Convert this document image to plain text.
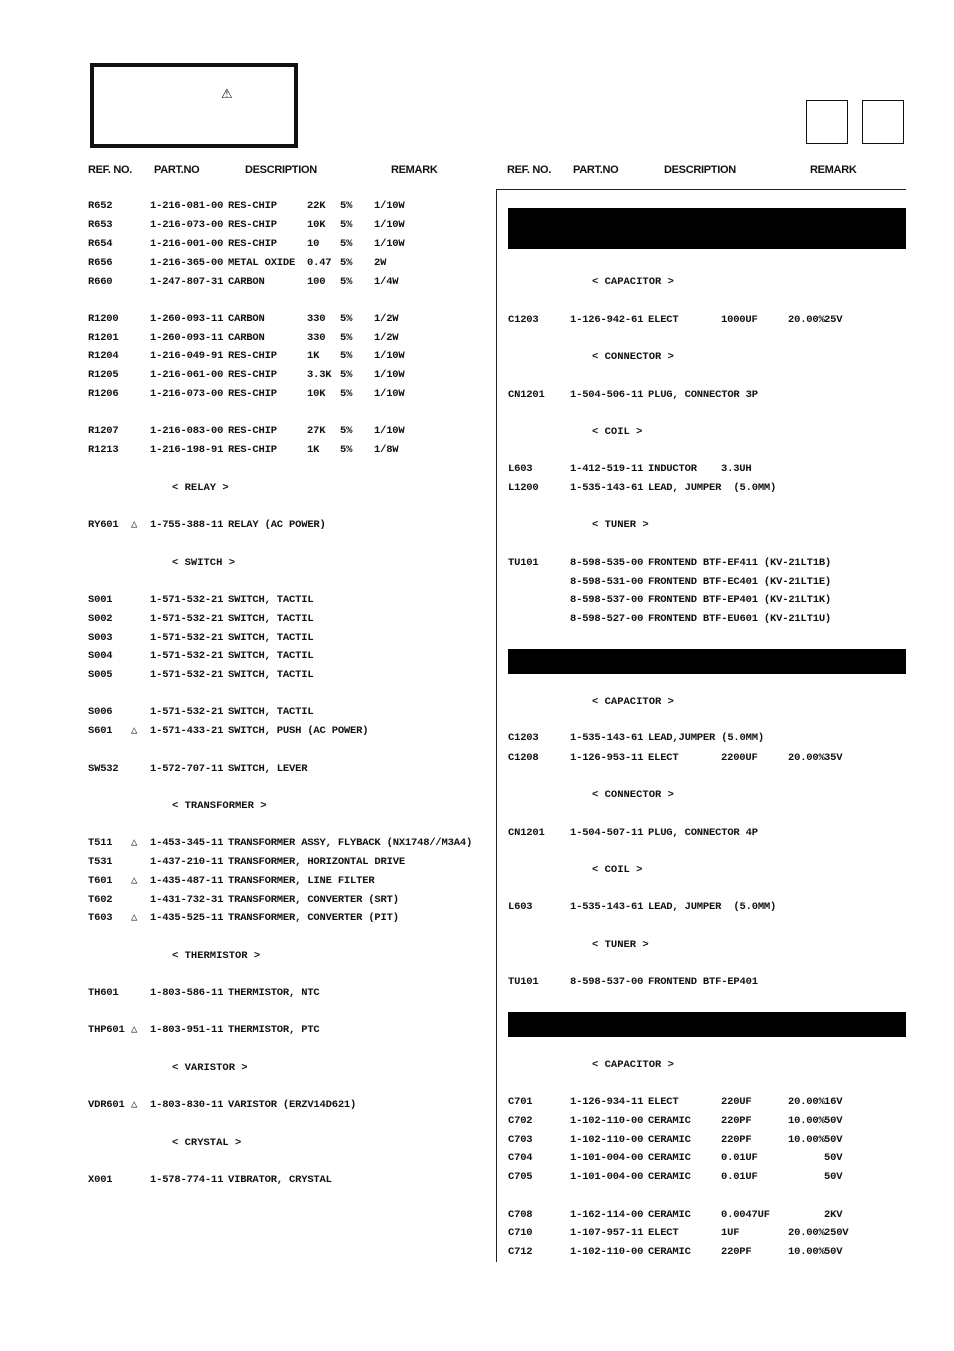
⚠
REF. NO. PART.NO	DESCRIPTION	REMARK	REF. NO. PART.NO	DESCRIPTION	REMARK
R652	1-216-081-00 RES-CHIP	22K 5% 1/10W
R653	1-216-073-00 RES-CHIP	10K 5% 1/10W
R654	1-216-001-00 RES-CHIP	10 5% 1/10W
R656	1-216-365-00 METAL OXIDE 0.47 5% 2W
R660	1-247-807-31 CARBON	100 5% 1/4W
R1200	1-260-093-11 CARBON	330 5% 1/2W
R1201	1-260-093-11 CARBON	330 5% 1/2W
R1204	1-216-049-91 RES-CHIP	1K 5% 1/10W
R1205	1-216-061-00 RES-CHIP	3.3K 5% 1/10W
R1206	1-216-073-00 RES-CHIP	10K 5% 1/10W
R1207	1-216-083-00 RES-CHIP	27K 5% 1/10W
R1213	1-216-198-91 RES-CHIP	1K 5% 1/8W
RY601 △ 1-755-388-11 RELAY (AC POWER)
S001	1-571-532-21 SWITCH, TACTIL
S002	1-571-532-21 SWITCH, TACTIL
S003	1-571-532-21 SWITCH, TACTIL
S004	1-571-532-21 SWITCH, TACTIL
S005	1-571-532-21 SWITCH, TACTIL
S006	1-571-532-21 SWITCH, TACTIL
S601 △ 1-571-433-21 SWITCH, PUSH (AC POWER)
SW532	1-572-707-11 SWITCH, LEVER
T511 △ 1-453-345-11 TRANSFORMER ASSY, FLYBACK (NX1748//M3A4)
T531	1-437-210-11 TRANSFORMER, HORIZONTAL DRIVE
T601 △ 1-435-487-11 TRANSFORMER, LINE FILTER
T602	1-431-732-31 TRANSFORMER, CONVERTER (SRT)
T603 △ 1-435-525-11 TRANSFORMER, CONVERTER (PIT)
TH601	1-803-586-11 THERMISTOR, NTC
THP601 △ 1-803-951-11 THERMISTOR, PTC
VDR601 △ 1-803-830-11 VARISTOR (ERZV14D621)
X001	1-578-774-11 VIBRATOR, CRYSTAL
< RELAY >
< SWITCH >
< TRANSFORMER >
< THERMISTOR >
< VARISTOR >
< CRYSTAL >
C1203	1-126-942-61 ELECT	1000UF	20.00% 25V
CN1201 1-504-506-11 PLUG, CONNECTOR 3P
L603	1-412-519-11 INDUCTOR 3.3UH
L1200	1-535-143-61 LEAD, JUMPER  (5.0MM)
TU101	8-598-535-00 FRONTEND BTF-EF411 (KV-21LT1B)
8-598-531-00 FRONTEND BTF-EC401 (KV-21LT1E)
8-598-537-00 FRONTEND BTF-EP401 (KV-21LT1K)
8-598-527-00 FRONTEND BTF-EU601 (KV-21LT1U)
C1203	1-535-143-61 LEAD,JUMPER (5.0MM)
C1208	1-126-953-11 ELECT	2200UF	20.00% 35V
CN1201 1-504-507-11 PLUG, CONNECTOR 4P
L603	1-535-143-61 LEAD, JUMPER  (5.0MM)
TU101	8-598-537-00 FRONTEND BTF-EP401
C701	1-126-934-11 ELECT	220UF	20.00% 16V
C702	1-102-110-00 CERAMIC	220PF	10.00% 50V
C703	1-102-110-00 CERAMIC	220PF	10.00% 50V
C704	1-101-004-00 CERAMIC	0.01UF	50V
C705	1-101-004-00 CERAMIC	0.01UF	50V
C708	1-162-114-00 CERAMIC	0.0047UF	2KV
C710	1-107-957-11 ELECT	1UF	20.00% 250V
C712	1-102-110-00 CERAMIC	220PF	10.00% 50V
< CAPACITOR >
< CONNECTOR >
< COIL >
< TUNER >
< CAPACITOR >
< CONNECTOR >
< COIL >
< TUNER >
< CAPACITOR >
